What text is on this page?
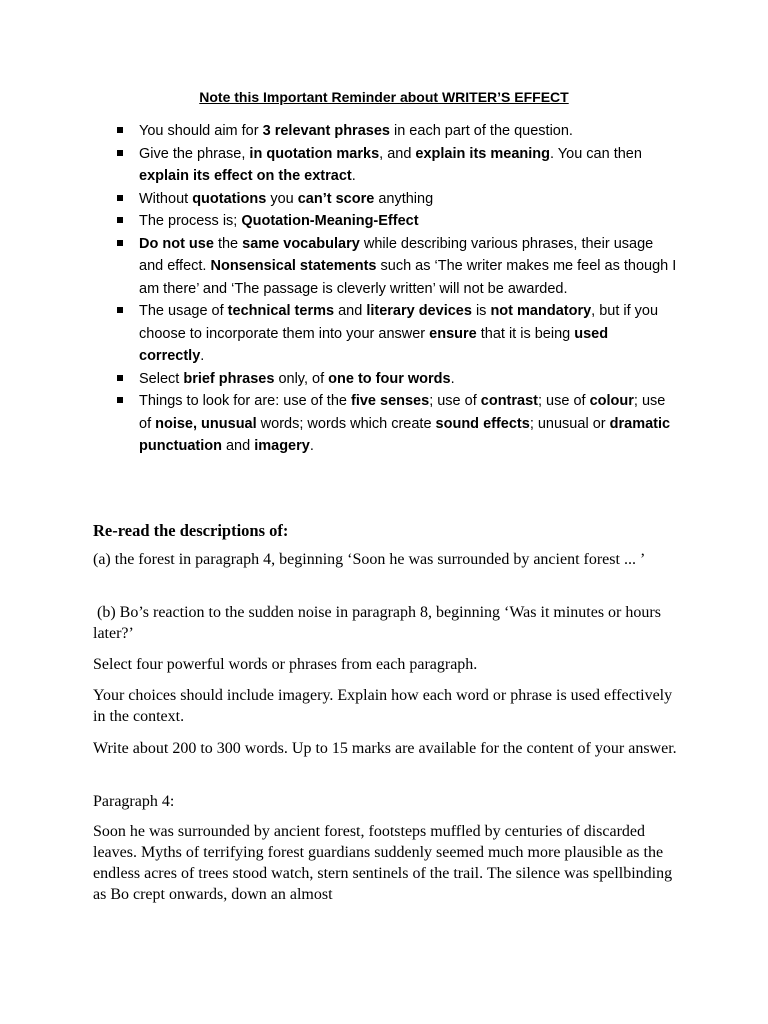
Note this Important Reminder about WRITER’S EFFECT

You should aim for 3 relevant phrases in each part of the question.
Give the phrase, in quotation marks, and explain its meaning. You can then explain its effect on the extract.
Without quotations you can’t score anything
The process is; Quotation-Meaning-Effect
Do not use the same vocabulary while describing various phrases, their usage and effect. Nonsensical statements such as ‘The writer makes me feel as though I am there’ and ‘The passage is cleverly written’ will not be awarded.
The usage of technical terms and literary devices is not mandatory, but if you choose to incorporate them into your answer ensure that it is being used correctly.
Select brief phrases only, of one to four words.
Things to look for are: use of the five senses; use of contrast; use of colour; use of noise, unusual words; words which create sound effects; unusual or dramatic punctuation and imagery.

Re-read the descriptions of:

(a) the forest in paragraph 4, beginning ‘Soon he was surrounded by ancient forest ... ’

(b) Bo’s reaction to the sudden noise in paragraph 8, beginning ‘Was it minutes or hours later?’

Select four powerful words or phrases from each paragraph.

Your choices should include imagery. Explain how each word or phrase is used effectively in the context.

Write about 200 to 300 words. Up to 15 marks are available for the content of your answer.

Paragraph 4:

Soon he was surrounded by ancient forest, footsteps muffled by centuries of discarded leaves. Myths of terrifying forest guardians suddenly seemed much more plausible as the endless acres of trees stood watch, stern sentinels of the trail. The silence was spellbinding as Bo crept onwards, down an almost
